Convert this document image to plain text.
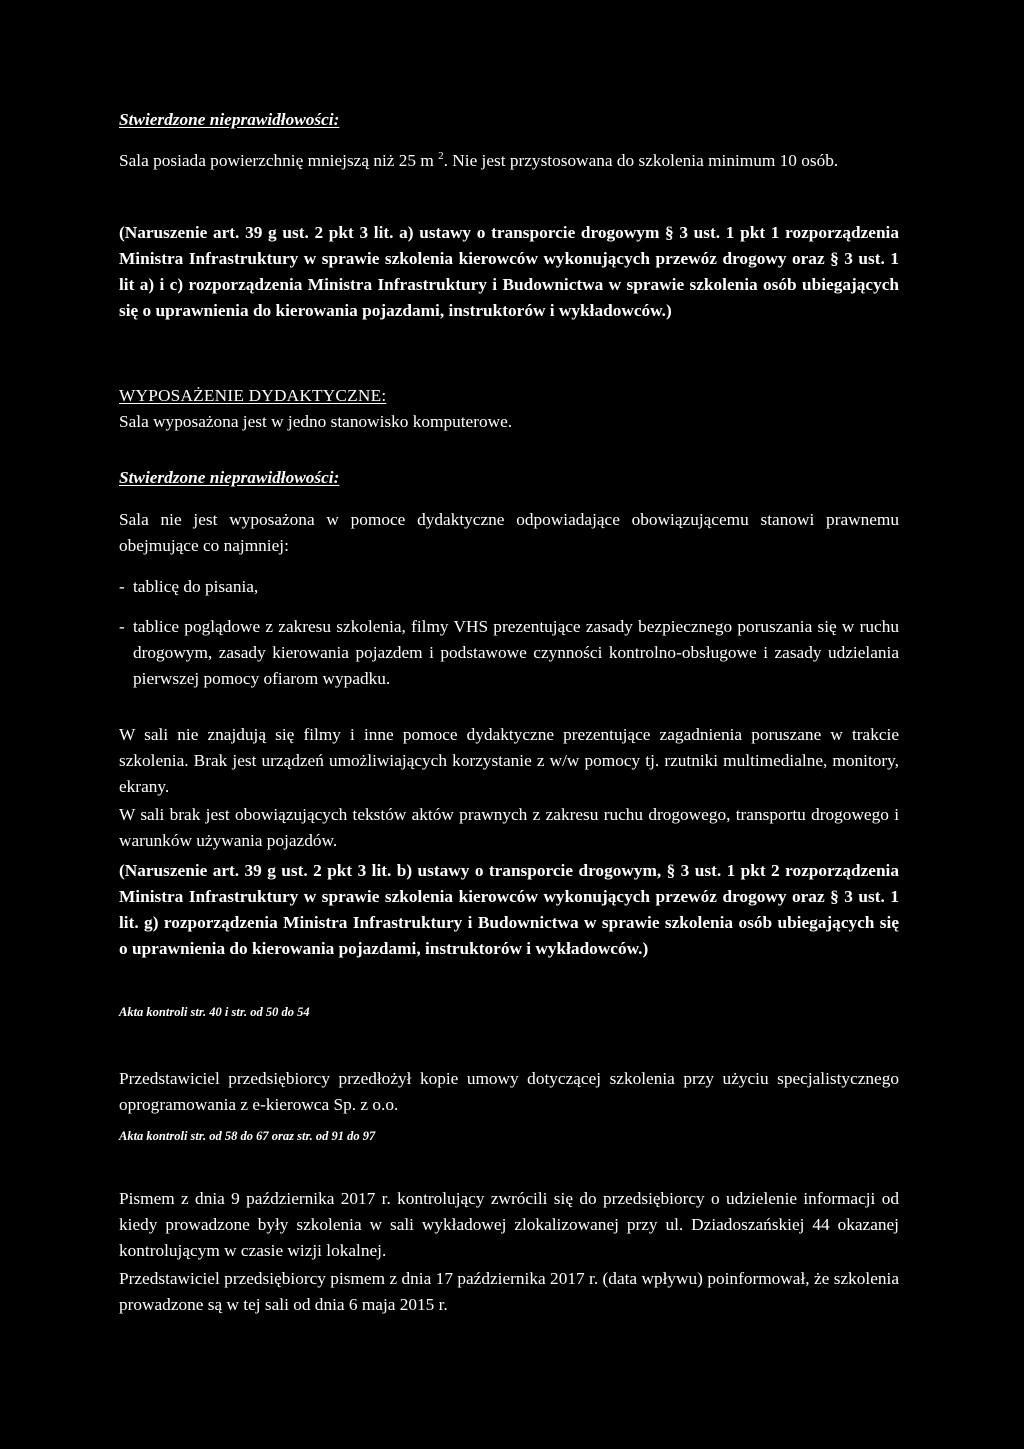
Stwierdzone nieprawidłowości:

Sala posiada powierzchnię mniejszą niż 25 m $^2$. Nie jest przystosowana do szkolenia minimum 10 osób.

(Naruszenie art. 39 g ust. 2 pkt 3 lit. a) ustawy o transporcie drogowym § 3 ust. 1 pkt 1 rozporządzenia Ministra Infrastruktury w sprawie szkolenia kierowców wykonujących przewóz drogowy oraz § 3 ust. 1 lit a) i c) rozporządzenia Ministra Infrastruktury i Budownictwa w sprawie szkolenia osób ubiegających się o uprawnienia do kierowania pojazdami, instruktorów i wykładowców.)

WYPOSAŻENIE DYDAKTYCZNE:

Sala wyposażona jest w jedno stanowisko komputerowe.

Stwierdzone nieprawidłowości:

Sala nie jest wyposażona w pomoce dydaktyczne odpowiadające obowiązującemu stanowi prawnemu obejmujące co najmniej:

- tablicę do pisania,
- tablice poglądowe z zakresu szkolenia, filmy VHS prezentujące zasady bezpiecznego poruszania się w ruchu drogowym, zasady kierowania pojazdem i podstawowe czynności kontrolno-obsługowe i zasady udzielania pierwszej pomocy ofiarom wypadku.

W sali nie znajdują się filmy i inne pomoce dydaktyczne prezentujące zagadnienia poruszane w trakcie szkolenia. Brak jest urządzeń umożliwiających korzystanie z w/w pomocy tj. rzutniki multimedialne, monitory, ekrany.

W sali brak jest obowiązujących tekstów aktów prawnych z zakresu ruchu drogowego, transportu drogowego i warunków używania pojazdów.

(Naruszenie art. 39 g ust. 2 pkt 3 lit. b) ustawy o transporcie drogowym, § 3 ust. 1 pkt 2 rozporządzenia Ministra Infrastruktury w sprawie szkolenia kierowców wykonujących przewóz drogowy oraz § 3 ust. 1 lit. g) rozporządzenia Ministra Infrastruktury i Budownictwa w sprawie szkolenia osób ubiegających się o uprawnienia do kierowania pojazdami, instruktorów i wykładowców.)

Akta kontroli str. 40 i str. od 50 do 54

Przedstawiciel przedsiębiorcy przedłożył kopie umowy dotyczącej szkolenia przy użyciu specjalistycznego oprogramowania z e-kierowca Sp. z o.o.

Akta kontroli str. od 58 do 67 oraz str. od 91 do 97

Pismem z dnia 9 października 2017 r. kontrolujący zwrócili się do przedsiębiorcy o udzielenie informacji od kiedy prowadzone były szkolenia w sali wykładowej zlokalizowanej przy ul. Dziadoszańskiej 44 okazanej kontrolującym w czasie wizji lokalnej.

Przedstawiciel przedsiębiorcy pismem z dnia 17 października 2017 r. (data wpływu) poinformował, że szkolenia prowadzone są w tej sali od dnia 6 maja 2015 r.
